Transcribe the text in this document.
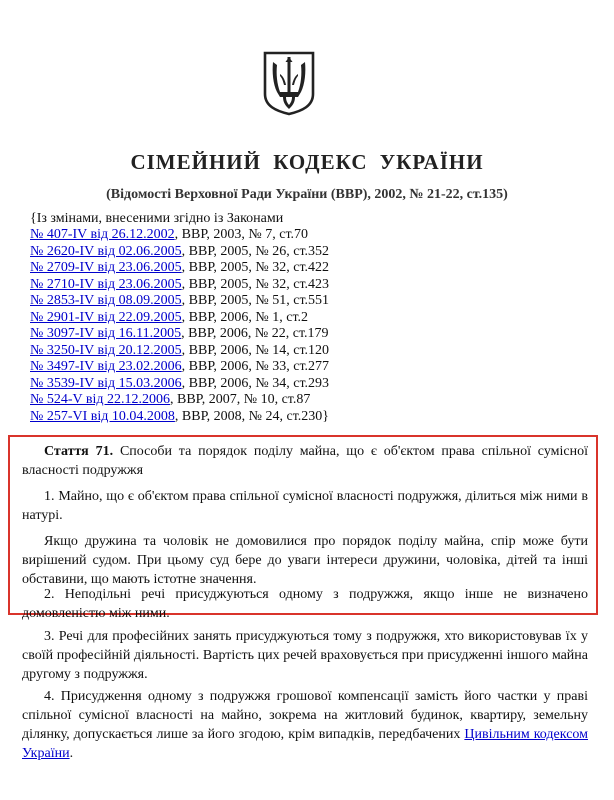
СІМЕЙНИЙ КОДЕКС УКРАЇНИ
(Відомості Верховної Ради України (ВВР), 2002, № 21-22, ст.135)
{Із змінами, внесеними згідно із Законами
№ 407-IV від 26.12.2002, ВВР, 2003, № 7, ст.70
№ 2620-IV від 02.06.2005, ВВР, 2005, № 26, ст.352
№ 2709-IV від 23.06.2005, ВВР, 2005, № 32, ст.422
№ 2710-IV від 23.06.2005, ВВР, 2005, № 32, ст.423
№ 2853-IV від 08.09.2005, ВВР, 2005, № 51, ст.551
№ 2901-IV від 22.09.2005, ВВР, 2006, № 1, ст.2
№ 3097-IV від 16.11.2005, ВВР, 2006, № 22, ст.179
№ 3250-IV від 20.12.2005, ВВР, 2006, № 14, ст.120
№ 3497-IV від 23.02.2006, ВВР, 2006, № 33, ст.277
№ 3539-IV від 15.03.2006, ВВР, 2006, № 34, ст.293
№ 524-V від 22.12.2006, ВВР, 2007, № 10, ст.87
№ 257-VI від 10.04.2008, ВВР, 2008, № 24, ст.230}

Стаття 71. Способи та порядок поділу майна, що є об'єктом права спільної сумісної власності подружжя

1. Майно, що є об'єктом права спільної сумісної власності подружжя, ділиться між ними в натурі.

Якщо дружина та чоловік не домовилися про порядок поділу майна, спір може бути вирішений судом. При цьому суд бере до уваги інтереси дружини, чоловіка, дітей та інші обставини, що мають істотне значення.

2. Неподільні речі присуджуються одному з подружжя, якщо інше не визначено домовленістю між ними.

3. Речі для професійних занять присуджуються тому з подружжя, хто використовував їх у своїй професійній діяльності. Вартість цих речей враховується при присудженні іншого майна другому з подружжя.

4. Присудження одному з подружжя грошової компенсації замість його частки у праві спільної сумісної власності на майно, зокрема на житловий будинок, квартиру, земельну ділянку, допускається лише за його згодою, крім випадків, передбачених Цивільним кодексом України.
